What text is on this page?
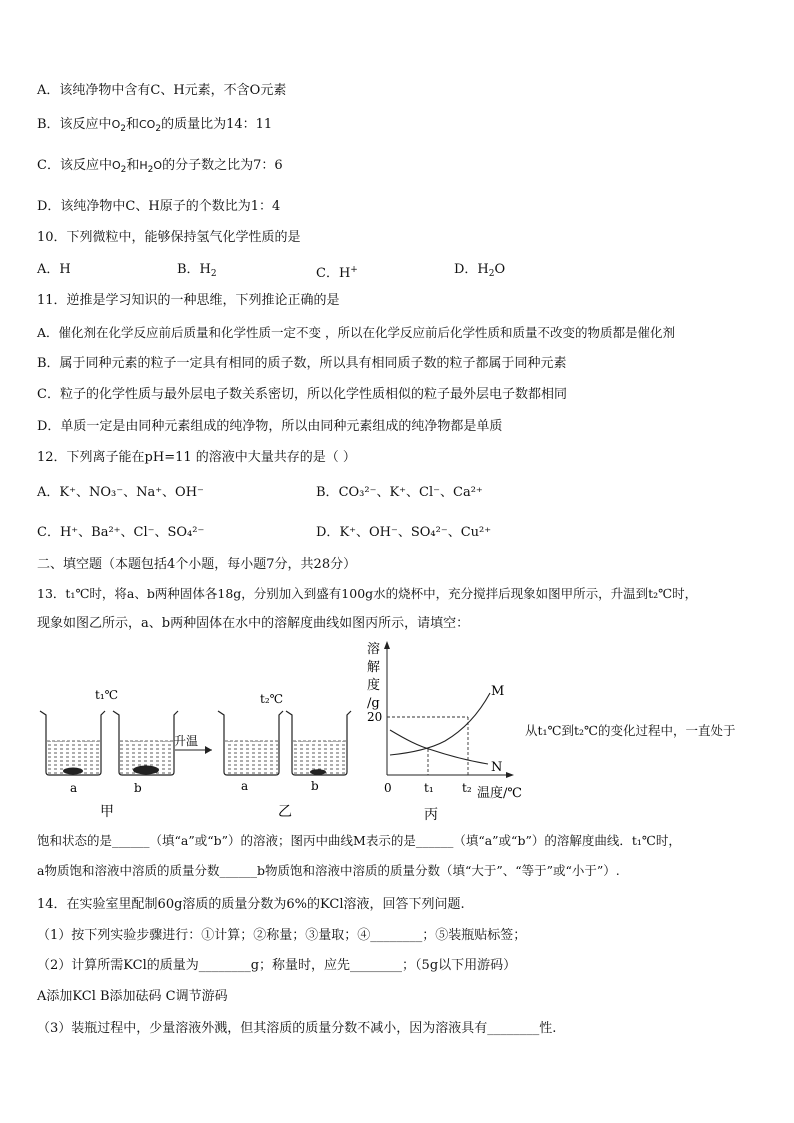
A．该纯净物中含有C、H元素，不含O元素
B．该反应中$O_2$和$CO_2$的质量比为14：11
C．该反应中$O_2$和$H_2O$的分子数之比为7：6
D．该纯净物中C、H原子的个数比为1：4
10．下列微粒中，能够保持氢气化学性质的是
A．H	B．$H_2$	C．H+	D．$H_2O$
11．逆推是学习知识的一种思维，下列推论正确的是
A．催化剂在化学反应前后质量和化学性质一定不变 ，所以在化学反应前后化学性质和质量不改变的物质都是催化剂
B．属于同种元素的粒子一定具有相同的质子数，所以具有相同质子数的粒子都属于同种元素
C．粒子的化学性质与最外层电子数关系密切，所以化学性质相似的粒子最外层电子数都相同
D．单质一定是由同种元素组成的纯净物，所以由同种元素组成的纯净物都是单质
12．下列离子能在pH=11 的溶液中大量共存的是（ ）
A．K⁺、NO₃⁻、Na⁺、OH⁻	B．CO₃²⁻、K⁺、Cl⁻、Ca²⁺
C．H⁺、Ba²⁺、Cl⁻、SO₄²⁻	D．K⁺、OH⁻、SO₄²⁻、Cu²⁺
二、填空题（本题包括4个小题，每小题7分，共28分）
13．t₁℃时，将a、b两种固体各18g，分别加入到盛有100g水的烧杯中，充分搅拌后现象如图甲所示，升温到t₂℃时，
现象如图乙所示，a、b两种固体在水中的溶解度曲线如图丙所示，请填空：
t₁℃
a	b
甲
升温
t₂℃
a	b
乙
溶
解
度
/g
20
M
N
0	t₁ t₂ 温度/℃
丙
从t₁℃到t₂℃的变化过程中，一直处于
饱和状态的是______（填“a”或“b”）的溶液；图丙中曲线M表示的是______（填“a”或“b”）的溶解度曲线．t₁℃时，
a物质饱和溶液中溶质的质量分数______b物质饱和溶液中溶质的质量分数（填“大于”、“等于”或“小于”）.
14．在实验室里配制60g溶质的质量分数为6%的KCl溶液，回答下列问题.
（1）按下列实验步骤进行：①计算；②称量；③量取；④________；⑤装瓶贴标签；
（2）计算所需KCl的质量为________g；称量时，应先________；（5g以下用游码）
A添加KCl B添加砝码 C调节游码
（3）装瓶过程中，少量溶液外溅，但其溶质的质量分数不减小，因为溶液具有________性.
